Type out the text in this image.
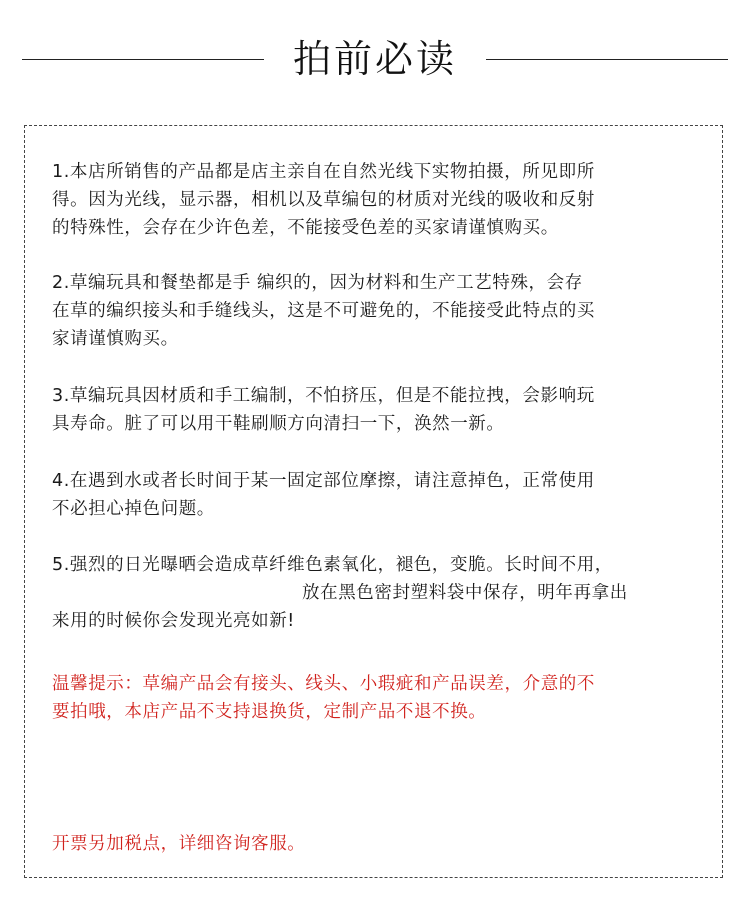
拍前必读

1.本店所销售的产品都是店主亲自在自然光线下实物拍摄，所见即所
得。因为光线，显示器，相机以及草编包的材质对光线的吸收和反射
的特殊性，会存在少许色差，不能接受色差的买家请谨慎购买。

2.草编玩具和餐垫都是手 编织的，因为材料和生产工艺特殊，会存
在草的编织接头和手缝线头，这是不可避免的，不能接受此特点的买
家请谨慎购买。

3.草编玩具因材质和手工编制，不怕挤压，但是不能拉拽，会影响玩
具寿命。脏了可以用干鞋刷顺方向清扫一下，涣然一新。

4.在遇到水或者长时间于某一固定部位摩擦，请注意掉色，正常使用
不必担心掉色问题。

5.强烈的日光曝晒会造成草纤维色素氧化，褪色，变脆。长时间不用，
放在黑色密封塑料袋中保存，明年再拿出
来用的时候你会发现光亮如新!

温馨提示：草编产品会有接头、线头、小瑕疵和产品误差，介意的不
要拍哦，本店产品不支持退换货，定制产品不退不换。

开票另加税点，详细咨询客服。
